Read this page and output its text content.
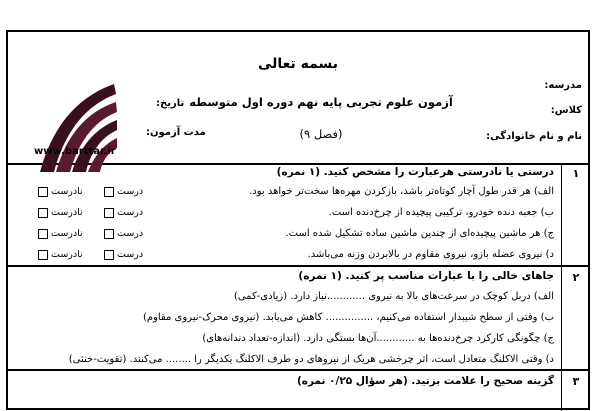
بسمه تعالی
آزمون علوم تجربی پایه نهم دوره اول متوسطه
(فصل ۹)
مدرسه:
کلاس:
نام و نام خانوادگی:
تاریخ:
مدت آزمون:
www.barttar.ir
۱
درستی یا نادرستی هرعبارت را مشخص کنید. (۱ نمره)
الف) هر قدر طول آچار کوتاه‌تر باشد، بازکردن مهره‌ها سخت‌تر خواهد بود.
ب) جعبه دنده خودرو، ترکیبی پیچیده از چرخ‌دنده است.
ج) هر ماشین پیچیده‌ای از چندین ماشین ساده تشکیل شده است.
د) نیروی عضله بازو، نیروی مقاوم در بالابردن وزنه می‌باشد.
درست
نادرست
درست
نادرست
درست
نادرست
درست
نادرست
۲
جاهای خالی را با عبارات مناسب پر کنید. (۱ نمره)
الف) دربل کوچک در سرعت‌های بالا به نیروی ............نیاز دارد. (زیادی-کمی)
ب) وقتی از سطح شیبدار استفاده می‌کنیم، ............... کاهش می‌یابد. (نیروی محرک-نیروی مقاوم)
ج) چگونگی کارکرد چرخ‌دنده‌ها به ............آن‌ها بستگی دارد. (اندازه-تعداد دندانه‌های)
د) وقتی الاکلنگ متعادل است، اثر چرخشی هریک از نیروهای دو طرف الاکلنگ یکدیگر را ........ می‌کنند. (تقویت-خنثی)
۳
گزینه صحیح را علامت بزنید. (هر سؤال ۰/۲۵ نمره)
